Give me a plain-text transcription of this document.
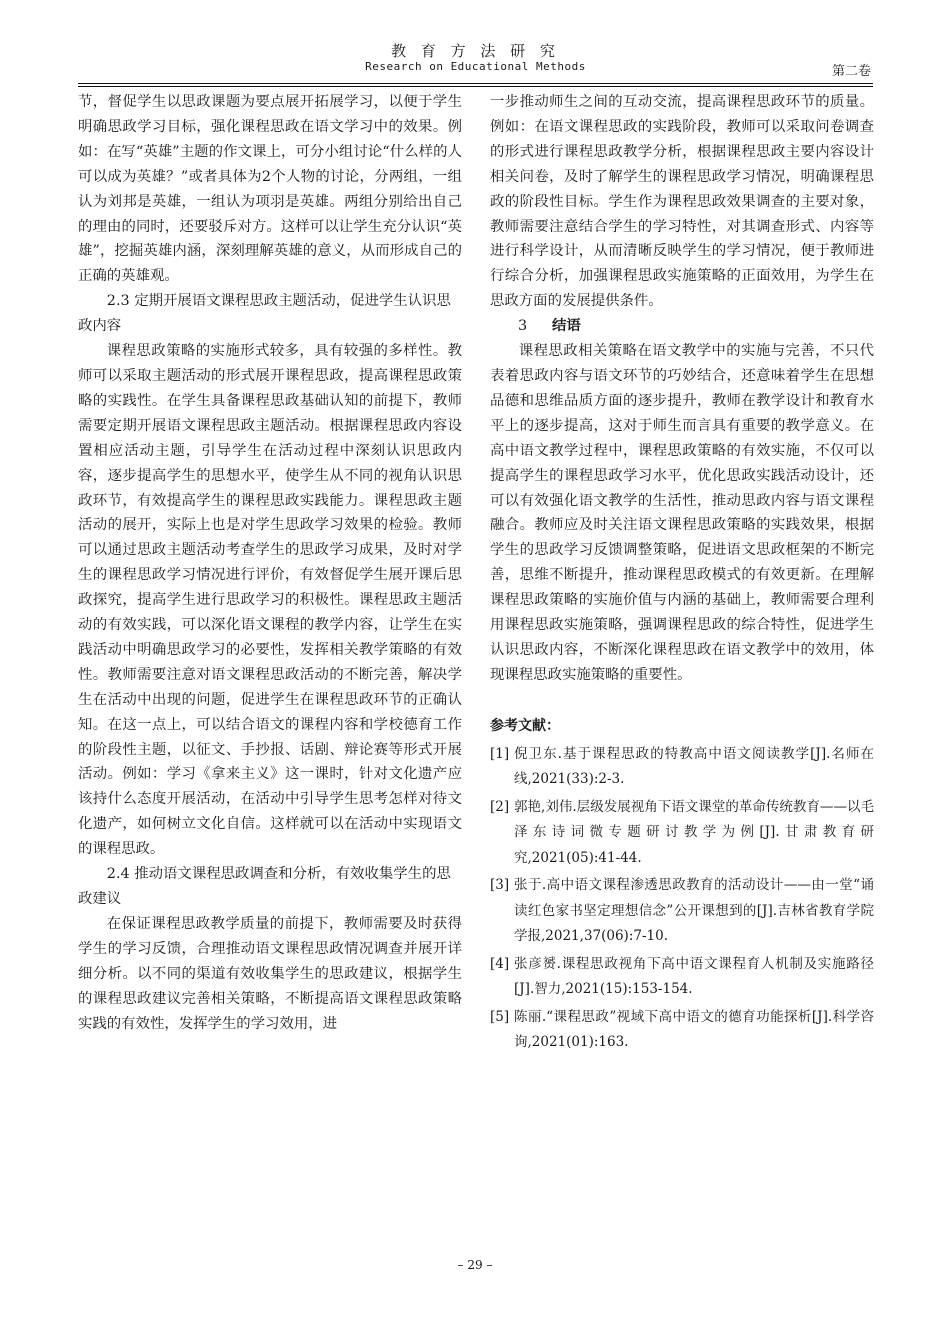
教 育 方 法 研 究
Research on Educational Methods	第二卷

节，督促学生以思政课题为要点展开拓展学习，以便于学生明确思政学习目标，强化课程思政在语文学习中的效果。例如：在写“英雄”主题的作文课上，可分小组讨论“什么样的人可以成为英雄？”或者具体为2个人物的讨论，分两组，一组认为刘邦是英雄，一组认为项羽是英雄。两组分别给出自己的理由的同时，还要驳斥对方。这样可以让学生充分认识“英雄”，挖掘英雄内涵，深刻理解英雄的意义，从而形成自己的正确的英雄观。

2.3 定期开展语文课程思政主题活动，促进学生认识思政内容

课程思政策略的实施形式较多，具有较强的多样性。教师可以采取主题活动的形式展开课程思政，提高课程思政策略的实践性。在学生具备课程思政基础认知的前提下，教师需要定期开展语文课程思政主题活动。根据课程思政内容设置相应活动主题，引导学生在活动过程中深刻认识思政内容，逐步提高学生的思想水平，使学生从不同的视角认识思政环节，有效提高学生的课程思政实践能力。课程思政主题活动的展开，实际上也是对学生思政学习效果的检验。教师可以通过思政主题活动考查学生的思政学习成果，及时对学生的课程思政学习情况进行评价，有效督促学生展开课后思政探究，提高学生进行思政学习的积极性。课程思政主题活动的有效实践，可以深化语文课程的教学内容，让学生在实践活动中明确思政学习的必要性，发挥相关教学策略的有效性。教师需要注意对语文课程思政活动的不断完善，解决学生在活动中出现的问题，促进学生在课程思政环节的正确认知。在这一点上，可以结合语文的课程内容和学校德育工作的阶段性主题，以征文、手抄报、话剧、辩论赛等形式开展活动。例如：学习《拿来主义》这一课时，针对文化遗产应该持什么态度开展活动，在活动中引导学生思考怎样对待文化遗产，如何树立文化自信。这样就可以在活动中实现语文的课程思政。

2.4 推动语文课程思政调查和分析，有效收集学生的思政建议

在保证课程思政教学质量的前提下，教师需要及时获得学生的学习反馈，合理推动语文课程思政情况调查并展开详细分析。以不同的渠道有效收集学生的思政建议，根据学生的课程思政建议完善相关策略，不断提高语文课程思政策略实践的有效性，发挥学生的学习效用，进

一步推动师生之间的互动交流，提高课程思政环节的质量。例如：在语文课程思政的实践阶段，教师可以采取问卷调查的形式进行课程思政教学分析，根据课程思政主要内容设计相关问卷，及时了解学生的课程思政学习情况，明确课程思政的阶段性目标。学生作为课程思政效果调查的主要对象，教师需要注意结合学生的学习特性，对其调查形式、内容等进行科学设计，从而清晰反映学生的学习情况，便于教师进行综合分析，加强课程思政实施策略的正面效用，为学生在思政方面的发展提供条件。

3 结语

课程思政相关策略在语文教学中的实施与完善，不只代表着思政内容与语文环节的巧妙结合，还意味着学生在思想品德和思维品质方面的逐步提升，教师在教学设计和教育水平上的逐步提高，这对于师生而言具有重要的教学意义。在高中语文教学过程中，课程思政策略的有效实施，不仅可以提高学生的课程思政学习水平，优化思政实践活动设计，还可以有效强化语文教学的生活性，推动思政内容与语文课程融合。教师应及时关注语文课程思政策略的实践效果，根据学生的思政学习反馈调整策略，促进语文思政框架的不断完善，思维不断提升，推动课程思政模式的有效更新。在理解课程思政策略的实施价值与内涵的基础上，教师需要合理利用课程思政实施策略，强调课程思政的综合特性，促进学生认识思政内容，不断深化课程思政在语文教学中的效用，体现课程思政实施策略的重要性。

参考文献：

[1] 倪卫东.基于课程思政的特教高中语文阅读教学[J].名师在线,2021(33):2-3.

[2] 郭艳,刘伟.层级发展视角下语文课堂的革命传统教育——以毛泽东诗词微专题研讨教学为例[J].甘肃教育研究,2021(05):41-44.

[3] 张于.高中语文课程渗透思政教育的活动设计——由一堂“诵读红色家书坚定理想信念”公开课想到的[J].吉林省教育学院学报,2021,37(06):7-10.

[4] 张彦赟.课程思政视角下高中语文课程育人机制及实施路径[J].智力,2021(15):153-154.

[5] 陈丽.“课程思政”视域下高中语文的德育功能探析[J].科学咨询,2021(01):163.

– 29 –
